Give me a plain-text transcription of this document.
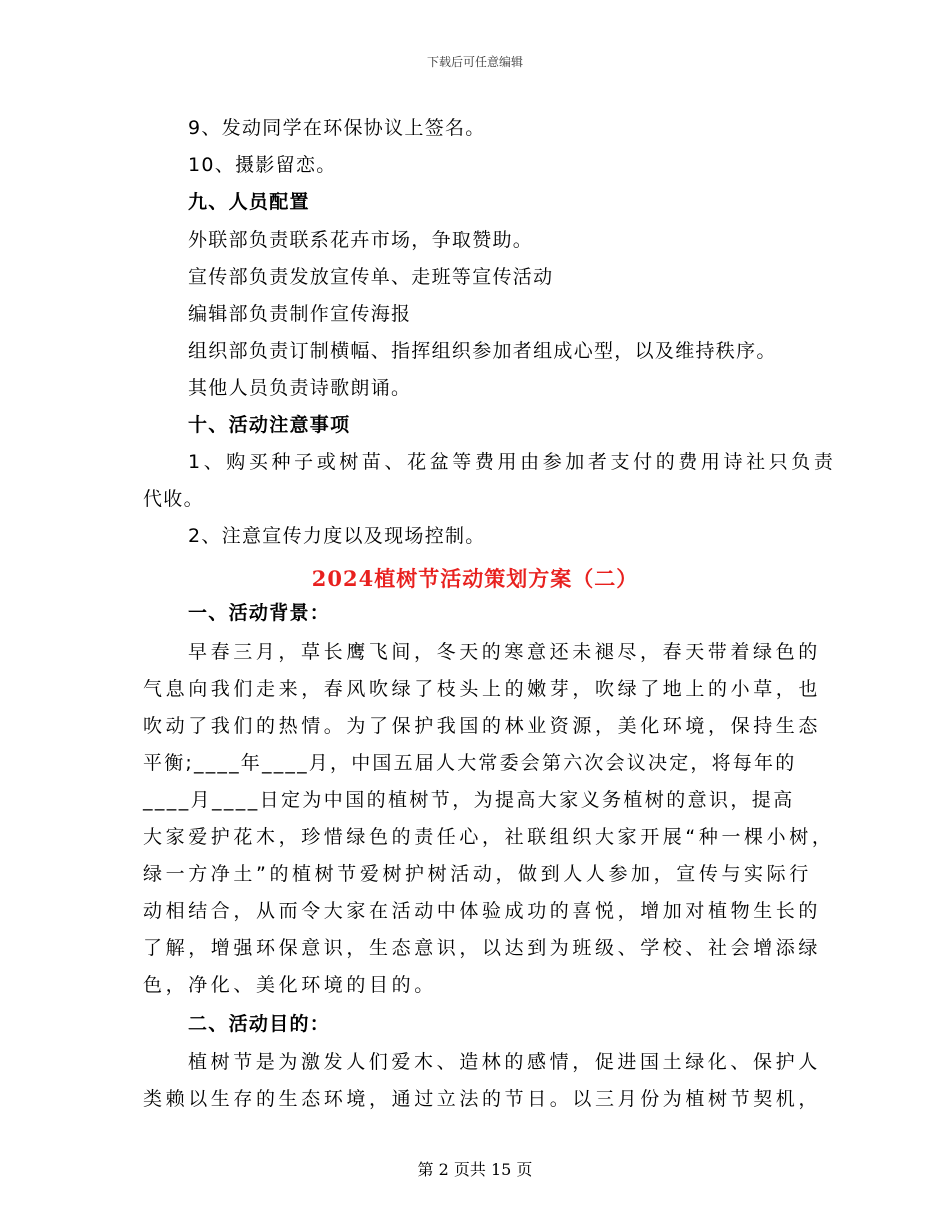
下载后可任意编辑
9、发动同学在环保协议上签名。
10、摄影留恋。
九、人员配置
外联部负责联系花卉市场，争取赞助。
宣传部负责发放宣传单、走班等宣传活动
编辑部负责制作宣传海报
组织部负责订制横幅、指挥组织参加者组成心型，以及维持秩序。
其他人员负责诗歌朗诵。
十、活动注意事项
1、购买种子或树苗、花盆等费用由参加者支付的费用诗社只负责
代收。
2、注意宣传力度以及现场控制。
2024植树节活动策划方案（二）
一、活动背景：
早春三月，草长鹰飞间，冬天的寒意还未褪尽，春天带着绿色的
气息向我们走来，春风吹绿了枝头上的嫩芽，吹绿了地上的小草，也
吹动了我们的热情。为了保护我国的林业资源，美化环境，保持生态
平衡;____年____月，中国五届人大常委会第六次会议决定，将每年的
____月____日定为中国的植树节，为提高大家义务植树的意识，提高
大家爱护花木，珍惜绿色的责任心，社联组织大家开展“种一棵小树，
绿一方净土”的植树节爱树护树活动，做到人人参加，宣传与实际行
动相结合，从而令大家在活动中体验成功的喜悦，增加对植物生长的
了解，增强环保意识，生态意识，以达到为班级、学校、社会增添绿
色，净化、美化环境的目的。
二、活动目的：
植树节是为激发人们爱木、造林的感情，促进国土绿化、保护人
类赖以生存的生态环境，通过立法的节日。以三月份为植树节契机，
第 2 页共 15 页
